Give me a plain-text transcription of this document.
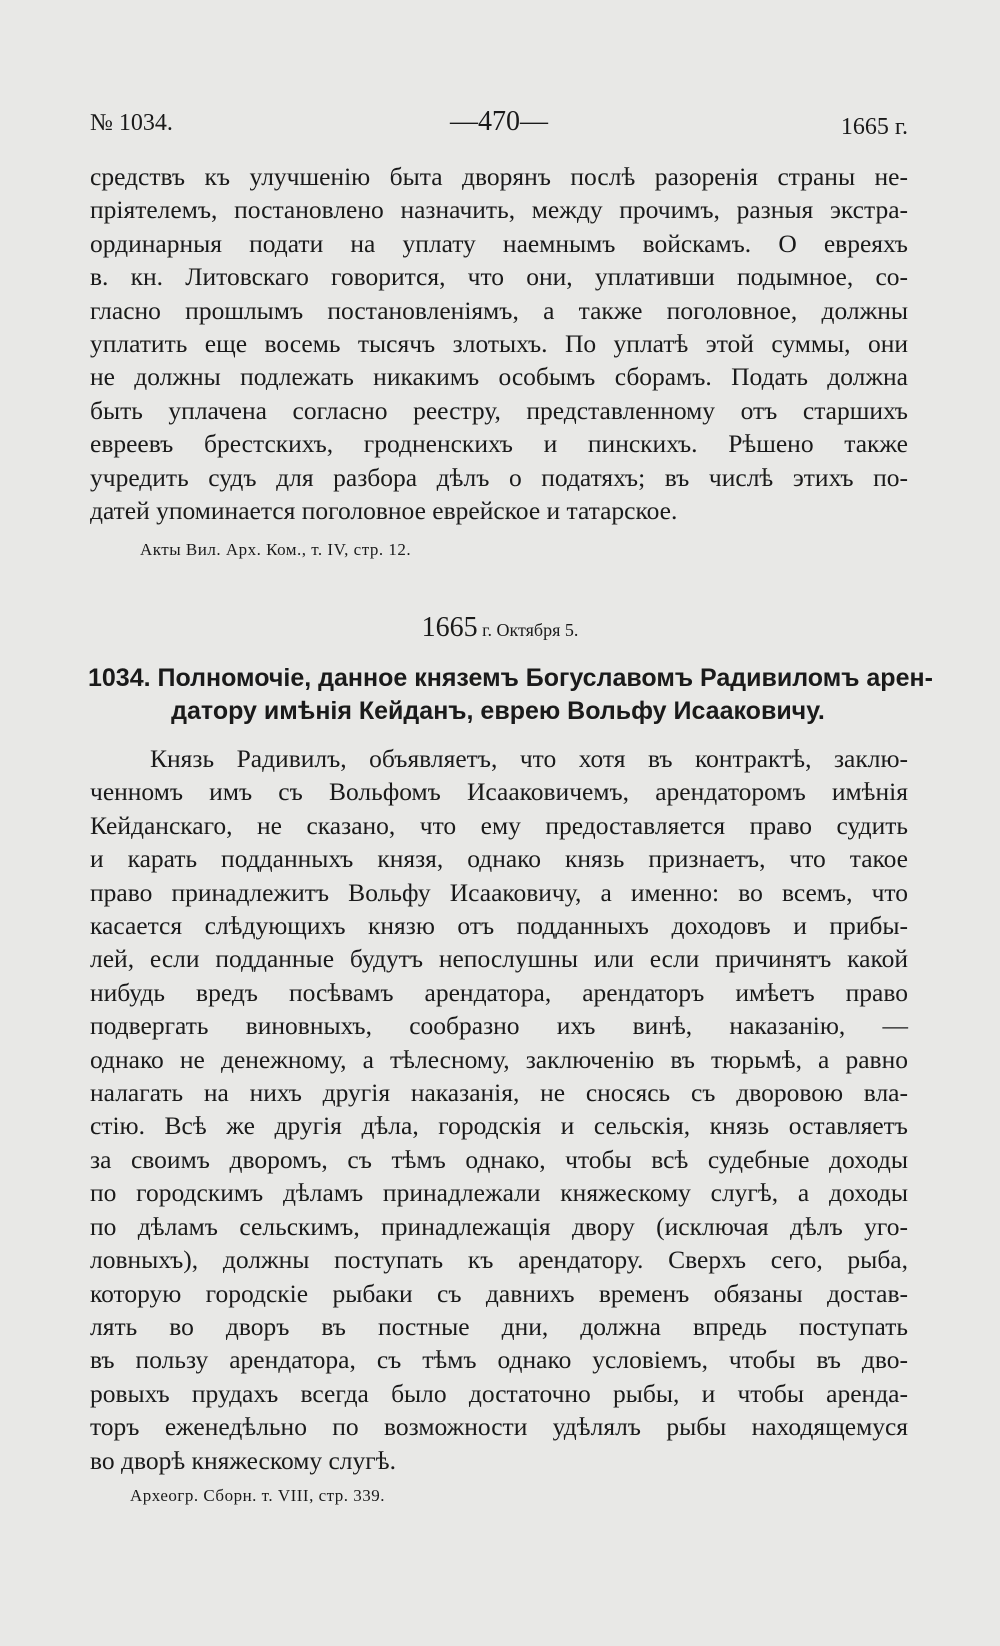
№ 1034.	—470—	1665 г.
средствъ къ улучшенію быта дворянъ послѣ разоренія страны не-
пріятелемъ, постановлено назначить, между прочимъ, разныя экстра-
ординарныя подати на уплату наемнымъ войскамъ. О евреяхъ
в. кн. Литовскаго говорится, что они, уплативши подымное, со-
гласно прошлымъ постановленіямъ, а также поголовное, должны
уплатить еще восемь тысячъ злотыхъ. По уплатѣ этой суммы, они
не должны подлежать никакимъ особымъ сборамъ. Подать должна
быть уплачена согласно реестру, представленному отъ старшихъ
евреевъ брестскихъ, гродненскихъ и пинскихъ. Рѣшено также
учредить судъ для разбора дѣлъ о податяхъ; въ числѣ этихъ по-
датей упоминается поголовное еврейское и татарское.
Акты Вил. Арх. Ком., т. IV, стр. 12.
1665 г. Октября 5.
1034. Полномочіе, данное княземъ Богуславомъ Радивиломъ арен-
датору имѣнія Кейданъ, еврею Вольфу Исааковичу.
Князь Радивилъ, объявляетъ, что хотя въ контрактѣ, заклю-
ченномъ имъ съ Вольфомъ Исааковичемъ, арендаторомъ имѣнія
Кейданскаго, не сказано, что ему предоставляется право судить
и карать подданныхъ князя, однако князь признаетъ, что такое
право принадлежитъ Вольфу Исааковичу, а именно: во всемъ, что
касается слѣдующихъ князю отъ подданныхъ доходовъ и прибы-
лей, если подданные будутъ непослушны или если причинятъ какой
нибудь вредъ посѣвамъ арендатора, арендаторъ имѣетъ право
подвергать виновныхъ, сообразно ихъ винѣ, наказанію, —
однако не денежному, а тѣлесному, заключенію въ тюрьмѣ, а равно
налагать на нихъ другія наказанія, не сносясь съ дворовою вла-
стію. Всѣ же другія дѣла, городскія и сельскія, князь оставляетъ
за своимъ дворомъ, съ тѣмъ однако, чтобы всѣ судебные доходы
по городскимъ дѣламъ принадлежали княжескому слугѣ, а доходы
по дѣламъ сельскимъ, принадлежащія двору (исключая дѣлъ уго-
ловныхъ), должны поступать къ арендатору. Сверхъ сего, рыба,
которую городскіе рыбаки съ давнихъ временъ обязаны достав-
лять во дворъ въ постные дни, должна впредь поступать
въ пользу арендатора, съ тѣмъ однако условіемъ, чтобы въ дво-
ровыхъ прудахъ всегда было достаточно рыбы, и чтобы аренда-
торъ еженедѣльно по возможности удѣлялъ рыбы находящемуся
во дворѣ княжескому слугѣ.
Археогр. Сборн. т. VIII, стр. 339.
